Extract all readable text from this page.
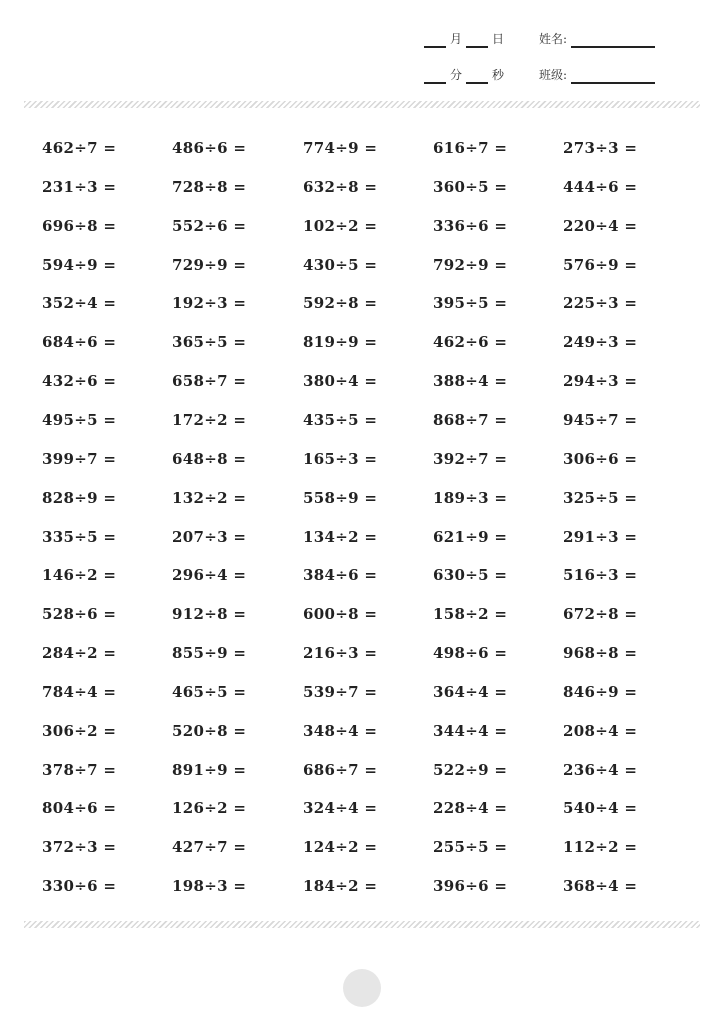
月 日	姓名:
分 秒	班级:
462÷7 =	486÷6 =	774÷9 =	616÷7 =	273÷3 =
231÷3 =	728÷8 =	632÷8 =	360÷5 =	444÷6 =
696÷8 =	552÷6 =	102÷2 =	336÷6 =	220÷4 =
594÷9 =	729÷9 =	430÷5 =	792÷9 =	576÷9 =
352÷4 =	192÷3 =	592÷8 =	395÷5 =	225÷3 =
684÷6 =	365÷5 =	819÷9 =	462÷6 =	249÷3 =
432÷6 =	658÷7 =	380÷4 =	388÷4 =	294÷3 =
495÷5 =	172÷2 =	435÷5 =	868÷7 =	945÷7 =
399÷7 =	648÷8 =	165÷3 =	392÷7 =	306÷6 =
828÷9 =	132÷2 =	558÷9 =	189÷3 =	325÷5 =
335÷5 =	207÷3 =	134÷2 =	621÷9 =	291÷3 =
146÷2 =	296÷4 =	384÷6 =	630÷5 =	516÷3 =
528÷6 =	912÷8 =	600÷8 =	158÷2 =	672÷8 =
284÷2 =	855÷9 =	216÷3 =	498÷6 =	968÷8 =
784÷4 =	465÷5 =	539÷7 =	364÷4 =	846÷9 =
306÷2 =	520÷8 =	348÷4 =	344÷4 =	208÷4 =
378÷7 =	891÷9 =	686÷7 =	522÷9 =	236÷4 =
804÷6 =	126÷2 =	324÷4 =	228÷4 =	540÷4 =
372÷3 =	427÷7 =	124÷2 =	255÷5 =	112÷2 =
330÷6 =	198÷3 =	184÷2 =	396÷6 =	368÷4 =
